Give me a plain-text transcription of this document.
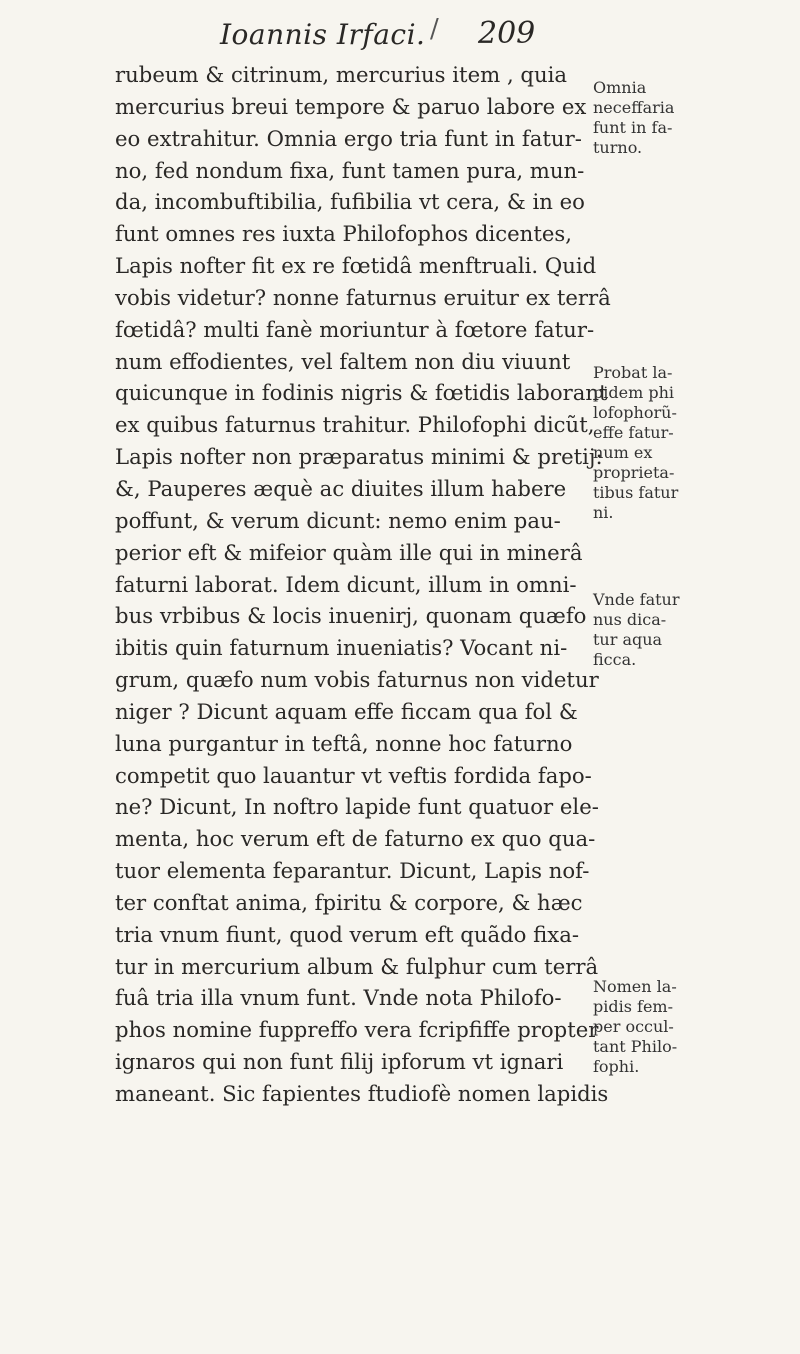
Ioannis Irfaci. / 209
rubeum & citrinum, mercurius item , quia
mercurius breui tempore & paruo labore ex
eo extrahitur. Omnia ergo tria funt in fatur-
no, fed nondum fixa, funt tamen pura, mun-
da, incombuftibilia, fufibilia vt cera, & in eo
funt omnes res iuxta Philofophos dicentes,
Lapis nofter fit ex re fœtidâ menftruali. Quid
vobis videtur? nonne faturnus eruitur ex terrâ
fœtidâ? multi fanè moriuntur à fœtore fatur-
num effodientes, vel faltem non diu viuunt
quicunque in fodinis nigris & fœtidis laborant
ex quibus faturnus trahitur. Philofophi dicũt,
Lapis nofter non præparatus minimi & pretij:
&, Pauperes æquè ac diuites illum habere
poffunt, & verum dicunt: nemo enim pau-
perior eft & mifeior quàm ille qui in minerâ
faturni laborat. Idem dicunt, illum in omni-
bus vrbibus & locis inuenirj, quonam quæfo
ibitis quin faturnum inueniatis? Vocant ni-
grum, quæfo num vobis faturnus non videtur
niger ? Dicunt aquam effe ficcam qua fol &
luna purgantur in teftâ, nonne hoc faturno
competit quo lauantur vt veftis fordida fapo-
ne? Dicunt, In noftro lapide funt quatuor ele-
menta, hoc verum eft de faturno ex quo qua-
tuor elementa feparantur. Dicunt, Lapis nof-
ter conftat anima, fpiritu & corpore, & hæc
tria vnum fiunt, quod verum eft quãdo fixa-
tur in mercurium album & fulphur cum terrâ
fuâ tria illa vnum funt. Vnde nota Philofo-
phos nomine fuppreffo vera fcripfiffe propter
ignaros qui non funt filij ipforum vt ignari
maneant. Sic fapientes ftudiofè nomen lapidis
Omnia
neceffaria
funt in fa-
turno.
Probat la-
pidem phi
lofophorũ-
effe fatur-
num ex
proprieta-
tibus fatur
ni.
Vnde fatur
nus dica-
tur aqua
ficca.
Nomen la-
pidis fem-
per occul-
tant Philo-
fophi.
